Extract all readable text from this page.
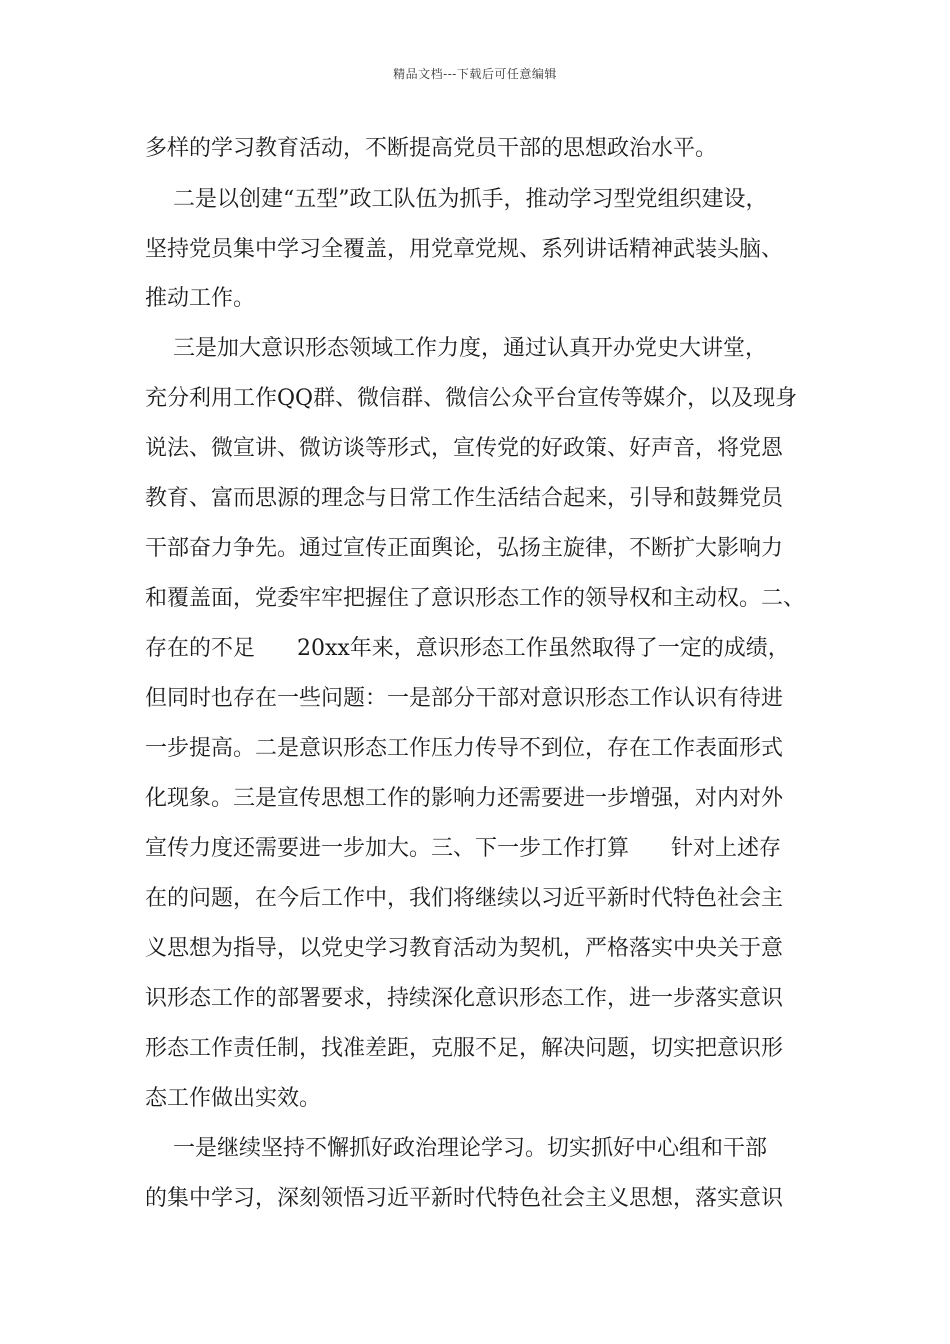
精品文档---下载后可任意编辑
多样的学习教育活动，不断提高党员干部的思想政治水平。
二是以创建“五型”政工队伍为抓手，推动学习型党组织建设，
坚持党员集中学习全覆盖，用党章党规、系列讲话精神武装头脑、
推动工作。
三是加大意识形态领域工作力度，通过认真开办党史大讲堂，
充分利用工作QQ群、微信群、微信公众平台宣传等媒介，以及现身
说法、微宣讲、微访谈等形式，宣传党的好政策、好声音，将党恩
教育、富而思源的理念与日常工作生活结合起来，引导和鼓舞党员
干部奋力争先。通过宣传正面舆论，弘扬主旋律，不断扩大影响力
和覆盖面，党委牢牢把握住了意识形态工作的领导权和主动权。二、
存在的不足      20xx年来，意识形态工作虽然取得了一定的成绩，
但同时也存在一些问题：一是部分干部对意识形态工作认识有待进
一步提高。二是意识形态工作压力传导不到位，存在工作表面形式
化现象。三是宣传思想工作的影响力还需要进一步增强，对内对外
宣传力度还需要进一步加大。三、下一步工作打算      针对上述存
在的问题，在今后工作中，我们将继续以习近平新时代特色社会主
义思想为指导，以党史学习教育活动为契机，严格落实中央关于意
识形态工作的部署要求，持续深化意识形态工作，进一步落实意识
形态工作责任制，找准差距，克服不足，解决问题，切实把意识形
态工作做出实效。
一是继续坚持不懈抓好政治理论学习。切实抓好中心组和干部
的集中学习，深刻领悟习近平新时代特色社会主义思想，落实意识
